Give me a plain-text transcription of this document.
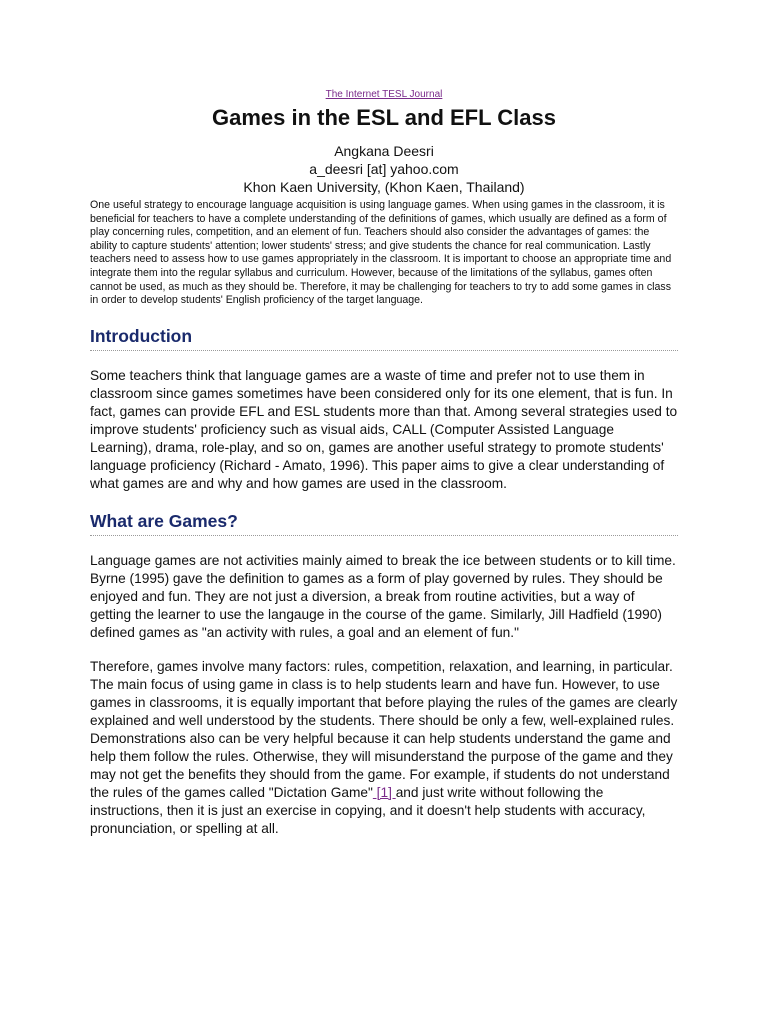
The Internet TESL Journal

Games in the ESL and EFL Class
Angkana Deesri
a_deesri [at] yahoo.com
Khon Kaen University, (Khon Kaen, Thailand)

One useful strategy to encourage language acquisition is using language games. When using games in the classroom, it is beneficial for teachers to have a complete understanding of the definitions of games, which usually are defined as a form of play concerning rules, competition, and an element of fun. Teachers should also consider the advantages of games: the ability to capture students' attention; lower students' stress; and give students the chance for real communication. Lastly teachers need to assess how to use games appropriately in the classroom. It is important to choose an appropriate time and integrate them into the regular syllabus and curriculum. However, because of the limitations of the syllabus, games often cannot be used, as much as they should be. Therefore, it may be challenging for teachers to try to add some games in class in order to develop students' English proficiency of the target language.

Introduction

Some teachers think that language games are a waste of time and prefer not to use them in classroom since games sometimes have been considered only for its one element, that is fun. In fact, games can provide EFL and ESL students more than that. Among several strategies used to improve students' proficiency such as visual aids, CALL (Computer Assisted Language Learning), drama, role-play, and so on, games are another useful strategy to promote students' language proficiency (Richard - Amato, 1996). This paper aims to give a clear understanding of what games are and why and how games are used in the classroom.

What are Games?

Language games are not activities mainly aimed to break the ice between students or to kill time. Byrne (1995) gave the definition to games as a form of play governed by rules. They should be enjoyed and fun. They are not just a diversion, a break from routine activities, but a way of getting the learner to use the langauge in the course of the game. Similarly, Jill Hadfield (1990) defined games as "an activity with rules, a goal and an element of fun."

Therefore, games involve many factors: rules, competition, relaxation, and learning, in particular. The main focus of using game in class is to help students learn and have fun. However, to use games in classrooms, it is equally important that before playing the rules of the games are clearly explained and well understood by the students. There should be only a few, well-explained rules. Demonstrations also can be very helpful because it can help students understand the game and help them follow the rules. Otherwise, they will misunderstand the purpose of the game and they may not get the benefits they should from the game. For example, if students do not understand the rules of the games called "Dictation Game" [1] and just write without following the instructions, then it is just an exercise in copying, and it doesn't help students with accuracy, pronunciation, or spelling at all.
